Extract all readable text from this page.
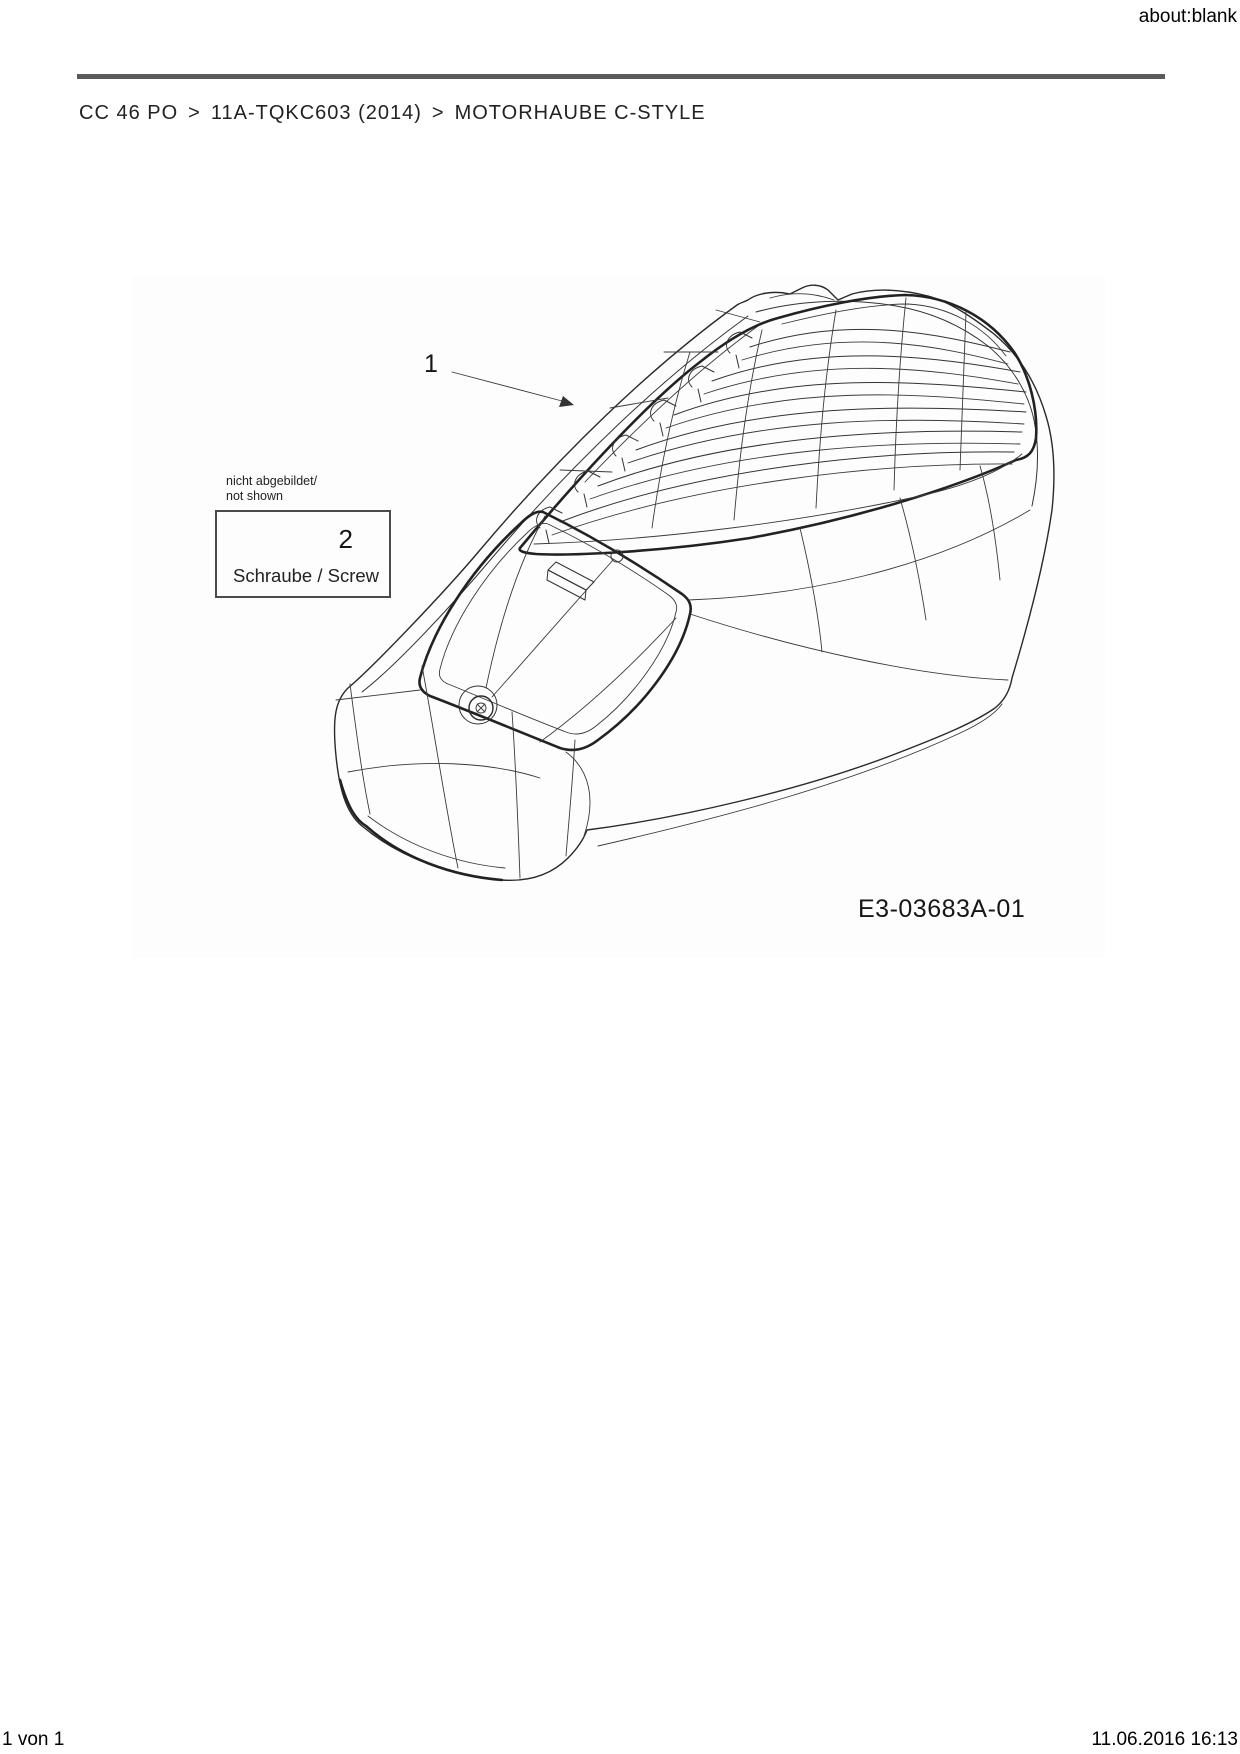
about:blank
CC 46 PO > 11A-TQKC603 (2014) > MOTORHAUBE C-STYLE
1
nicht abgebildet/
not shown
2
Schraube / Screw
E3-03683A-01
1 von 1	11.06.2016 16:13
